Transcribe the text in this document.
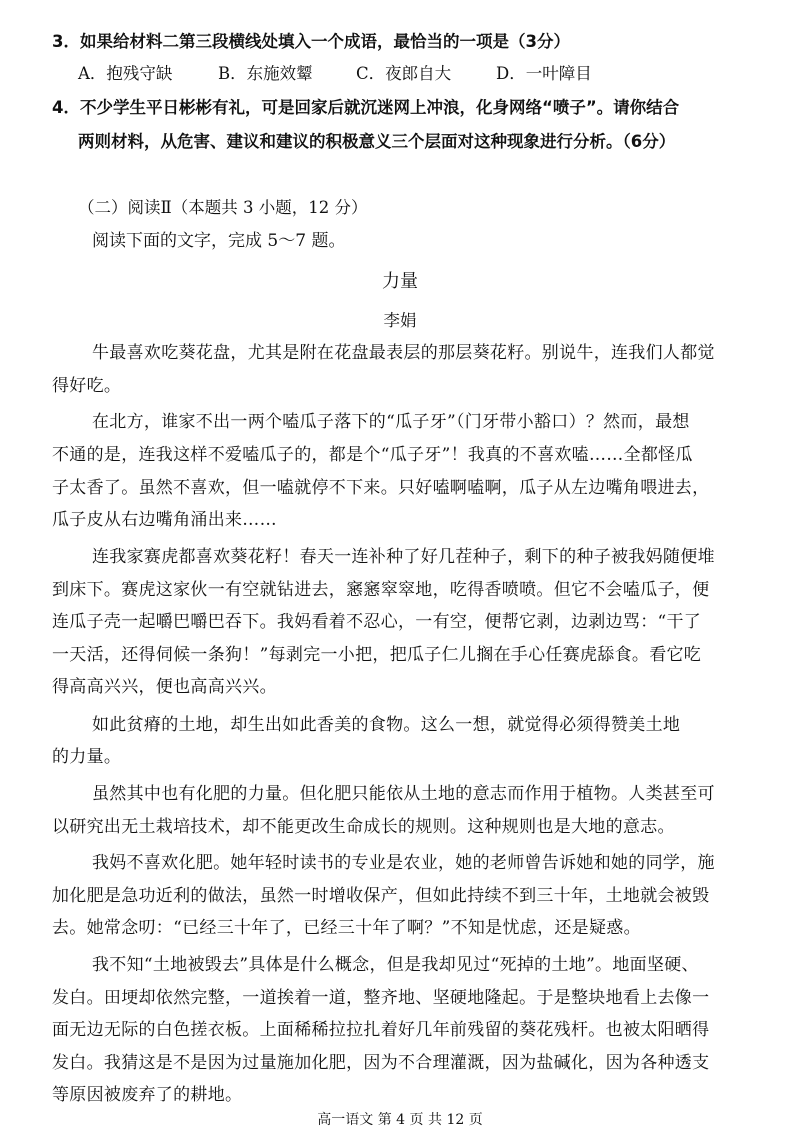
3．如果给材料二第三段横线处填入一个成语，最恰当的一项是（3分）
A．抱残守缺	B．东施效颦	C．夜郎自大	D．一叶障目
4．不少学生平日彬彬有礼，可是回家后就沉迷网上冲浪，化身网络“喷子”。请你结合
两则材料，从危害、建议和建议的积极意义三个层面对这种现象进行分析。（6分）
（二）阅读Ⅱ（本题共 3 小题，12 分）
阅读下面的文字，完成 5～7 题。
力量
李娟
牛最喜欢吃葵花盘，尤其是附在花盘最表层的那层葵花籽。别说牛，连我们人都觉
得好吃。
在北方，谁家不出一两个嗑瓜子落下的“瓜子牙”（门牙带小豁口）？然而，最想
不通的是，连我这样不爱嗑瓜子的，都是个“瓜子牙”！我真的不喜欢嗑……全都怪瓜
子太香了。虽然不喜欢，但一嗑就停不下来。只好嗑啊嗑啊，瓜子从左边嘴角喂进去，
瓜子皮从右边嘴角涌出来……
连我家赛虎都喜欢葵花籽！春天一连补种了好几茬种子，剩下的种子被我妈随便堆
到床下。赛虎这家伙一有空就钻进去，窸窸窣窣地，吃得香喷喷。但它不会嗑瓜子，便
连瓜子壳一起嚼巴嚼巴吞下。我妈看着不忍心，一有空，便帮它剥，边剥边骂：“干了
一天活，还得伺候一条狗！”每剥完一小把，把瓜子仁儿搁在手心任赛虎舔食。看它吃
得高高兴兴，便也高高兴兴。
如此贫瘠的土地，却生出如此香美的食物。这么一想，就觉得必须得赞美土地
的力量。
虽然其中也有化肥的力量。但化肥只能依从土地的意志而作用于植物。人类甚至可
以研究出无土栽培技术，却不能更改生命成长的规则。这种规则也是大地的意志。
我妈不喜欢化肥。她年轻时读书的专业是农业，她的老师曾告诉她和她的同学，施
加化肥是急功近利的做法，虽然一时增收保产，但如此持续不到三十年，土地就会被毁
去。她常念叨：“已经三十年了，已经三十年了啊？”不知是忧虑，还是疑惑。
我不知“土地被毁去”具体是什么概念，但是我却见过“死掉的土地”。地面坚硬、
发白。田埂却依然完整，一道挨着一道，整齐地、坚硬地隆起。于是整块地看上去像一
面无边无际的白色搓衣板。上面稀稀拉拉扎着好几年前残留的葵花残杆。也被太阳晒得
发白。我猜这是不是因为过量施加化肥，因为不合理灌溉，因为盐碱化，因为各种透支
等原因被废弃了的耕地。
高一语文 第 4 页 共 12 页
